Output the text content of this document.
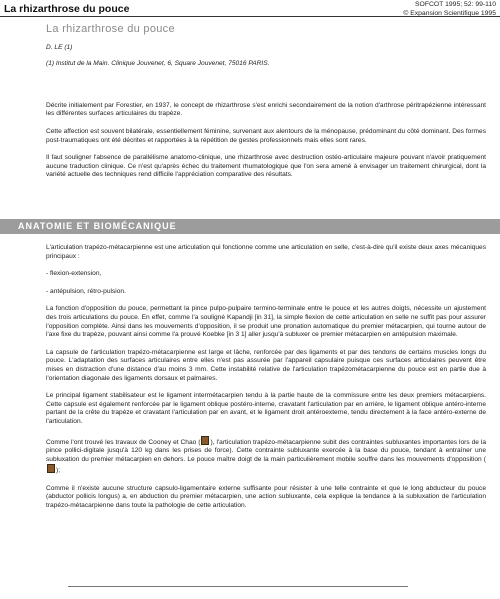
La rhizarthrose du pouce	SOFCOT 1995; 52: 99-110
© Expansion Scientifique 1995
La rhizarthrose du pouce
D. LE (1)
(1) Institut de la Main. Clinique Jouvenet, 6, Square Jouvenet, 75016 PARIS.

Décrite initialement par Forestier, en 1937, le concept de rhizarthrose s'est enrichi secondairement de la notion d'arthrose péritrapézienne intéressant les différentes surfaces articulaires du trapèze.

Cette affection est souvent bilatérale, essentiellement féminine, survenant aux alentours de la ménopause, prédominant du côté dominant. Des formes post-traumatiques ont été décrites et rapportées à la répétition de gestes professionnels mais elles sont rares.

Il faut souligner l'absence de parallélisme anatomo-clinique, une rhizarthrose avec destruction ostéo-articulaire majeure pouvant n'avoir pratiquement aucune traduction clinique. Ce n'est qu'après échec du traitement rhumatologique que l'on sera amené à envisager un traitement chirurgical, dont la variété actuelle des techniques rend difficile l'appréciation comparative des résultats.

ANATOMIE ET BIOMÉCANIQUE

L'articulation trapézo-métacarpienne est une articulation qui fonctionne comme une articulation en selle, c'est-à-dire qu'il existe deux axes mécaniques principaux :

- flexion-extension,

- antépulsion, rétro-pulsion.

La fonction d'opposition du pouce, permettant la pince pulpo-pulpaire termino-terminale entre le pouce et les autres doigts, nécessite un ajustement des trois articulations du pouce. En effet, comme l'a souligné Kapandji [in 31], la simple flexion de cette articulation en selle ne suffit pas pour assurer l'opposition complète. Ainsi dans les mouvements d'opposition, il se produit une pronation automatique du premier métacarpien, qui tourne autour de l'axe fixe du trapèze, pouvant ainsi comme l'a prouvé Koebke [in 3 1] aller jusqu'à subluxer ce premier métacarpien en antépulsion maximale.

La capsule de l'articulation trapézo-métacarpienne est large et lâche, renforcée par des ligaments et par des tendons de certains muscles longs du pouce. L'adaptation des surfaces articulaires entre elles n'est pas assurée par l'appareil capsulaire puisque ces surfaces articulaires peuvent être mises en distraction d'une distance d'au moins 3 mm. Cette instabilité relative de l'articulation trapézométacarpienne du pouce est en partie due à l'orientation diagonale des ligaments dorsaux et palmaires.

Le principal ligament stabilisateur est le ligament intermétacarpien tendu à la partie haute de la commissure entre les deux premiers métacarpiens. Cette capsule est également renforcée par le ligament oblique postéro-interne, cravatant l'articulation par en arrière, le ligament oblique antéro-interne partant de la crête du trapèze et cravatant l'articulation par en avant, et le ligament droit antéroexterne, tendu directement à la face antéro-externe de l'articulation.

Comme l'ont trouvé les travaux de Cooney et Chao ( ), l'articulation trapézo-métacarpienne subit des contraintes subluxantes importantes lors de la pince pollici-digitale jusqu'à 120 kg dans les prises de force). Cette contrainte subluxante exercée à la base du pouce, tendant à entraîner une subluxation du premier métacarpien en dehors. Le pouce maître doigt de la main particulièrement mobile souffre dans les mouvements d'opposition ();

Comme il n'existe aucune structure capsulo-ligamentaire externe suffisante pour résister à une telle contrainte et que le long abducteur du pouce (abductor pollicis longus) a, en abduction du premier métacarpien, une action subluxante, cela explique la tendance à la subluxation de l'articulation trapézo-métacarpienne dans toute la pathologie de cette articulation.
